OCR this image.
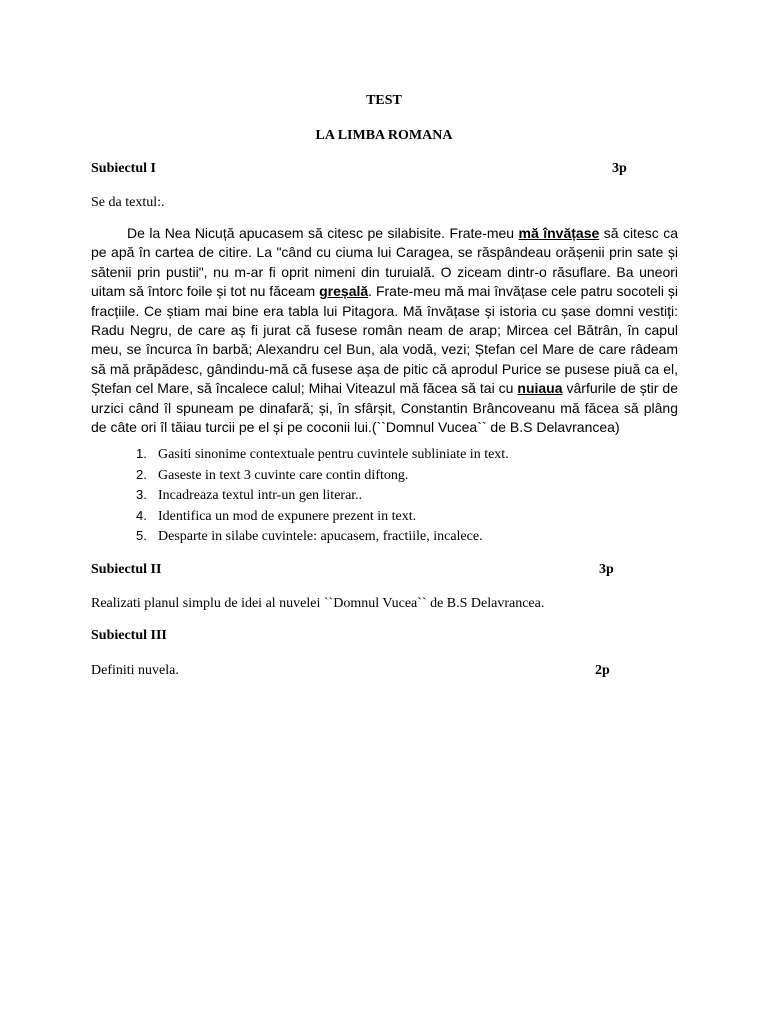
TEST
LA LIMBA ROMANA
Subiectul I	3p
Se da textul:.

De la Nea Nicuță apucasem să citesc pe silabisite. Frate-meu mă învățase să citesc ca pe apă în cartea de citire. La "când cu ciuma lui Caragea, se răspândeau orășenii prin sate și sătenii prin pustii", nu m-ar fi oprit nimeni din turuială. O ziceam dintr-o răsuflare. Ba uneori uitam să întorc foile și tot nu făceam greșală. Frate-meu mă mai învățase cele patru socoteli și fracțiile. Ce știam mai bine era tabla lui Pitagora. Mă învățase și istoria cu șase domni vestiți: Radu Negru, de care aș fi jurat că fusese român neam de arap; Mircea cel Bătrân, în capul meu, se încurca în barbă; Alexandru cel Bun, ala vodă, vezi; Ștefan cel Mare de care râdeam să mă prăpădesc, gândindu-mă că fusese așa de pitic că aprodul Purice se pusese piuă ca el, Ștefan cel Mare, să încalece calul; Mihai Viteazul mă făcea să tai cu nuiaua vârfurile de știr de urzici când îl spuneam pe dinafară; și, în sfârșit, Constantin Brâncoveanu mă făcea să plâng de câte ori îl tăiau turcii pe el și pe coconii lui.(``Domnul Vucea`` de B.S Delavrancea)

1. Gasiti sinonime contextuale pentru cuvintele subliniate in text.
2. Gaseste in text 3 cuvinte care contin diftong.
3. Incadreaza textul intr-un gen literar..
4. Identifica un mod de expunere prezent in text.
5. Desparte in silabe cuvintele: apucasem, fractiile, incalece.
Subiectul II	3p
Realizati planul simplu de idei al nuvelei ``Domnul Vucea`` de B.S Delavrancea.
Subiectul III
Definiti nuvela.	2p
